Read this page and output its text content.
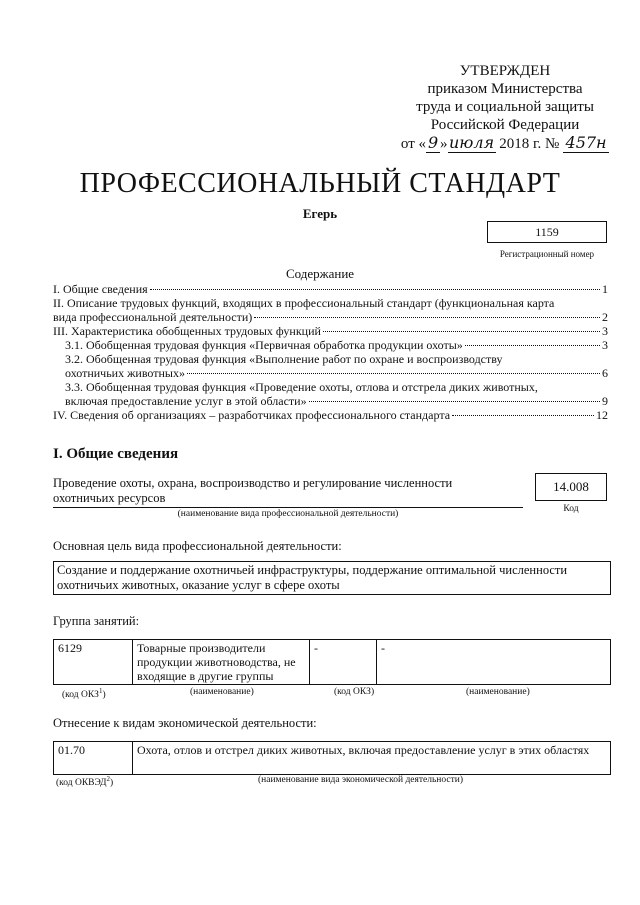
УТВЕРЖДЕН
приказом Министерства
труда и социальной защиты
Российской Федерации
от « 9 »июля 2018 г. № 457н
ПРОФЕССИОНАЛЬНЫЙ СТАНДАРТ
Егерь
1159
Регистрационный номер
Содержание
I. Общие сведения	1
II. Описание трудовых функций, входящих в профессиональный стандарт (функциональная карта
вида профессиональной деятельности)	2
III. Характеристика обобщенных трудовых функций	3
3.1. Обобщенная трудовая функция «Первичная обработка продукции охоты»	3
3.2. Обобщенная трудовая функция «Выполнение работ по охране и воспроизводству
охотничьих животных»	6
3.3. Обобщенная трудовая функция «Проведение охоты, отлова и отстрела диких животных,
включая предоставление услуг в этой области»	9
IV. Сведения об организациях – разработчиках профессионального стандарта	12
I. Общие сведения
Проведение охоты, охрана, воспроизводство и регулирование численности
охотничьих ресурсов
(наименование вида профессиональной деятельности)
14.008
Код
Основная цель вида профессиональной деятельности:
Создание и поддержание охотничьей инфраструктуры, поддержание оптимальной численности
охотничьих животных, оказание услуг в сфере охоты
Группа занятий:
6129	Товарные производители продукции животноводства, не входящие в другие группы	-	-
(код ОКЗ$^1$)	(наименование)	(код ОКЗ)	(наименование)
Отнесение к видам экономической деятельности:
01.70	Охота, отлов и отстрел диких животных, включая предоставление услуг в этих областях
(код ОКВЭД$^2$)	(наименование вида экономической деятельности)
